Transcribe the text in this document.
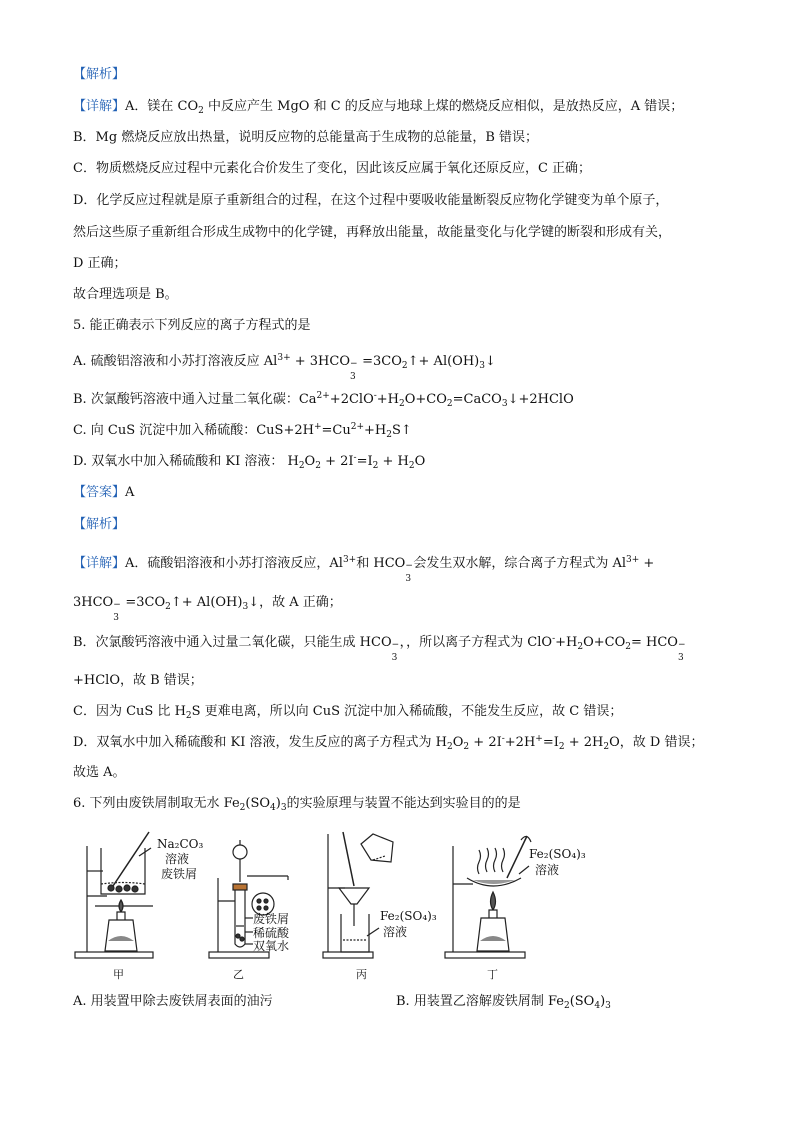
【解析】
【详解】A．镁在 $CO_2$ 中反应产生 MgO 和 C 的反应与地球上煤的燃烧反应相似，是放热反应，A 错误；
B．Mg 燃烧反应放出热量，说明反应物的总能量高于生成物的总能量，B 错误；
C．物质燃烧反应过程中元素化合价发生了变化，因此该反应属于氧化还原反应，C 正确；
D．化学反应过程就是原子重新组合的过程，在这个过程中要吸收能量断裂反应物化学键变为单个原子，
然后这些原子重新组合形成生成物中的化学键，再释放出能量，故能量变化与化学键的断裂和形成有关，
D 正确；
故合理选项是 B。
5. 能正确表示下列反应的离子方程式的是
A. 硫酸铝溶液和小苏打溶液反应 $Al^{3+} + 3HCO$ −
3
$=3CO_2↑+$ $Al(OH)_3↓$
B. 次氯酸钙溶液中通入过量二氧化碳：$Ca^{2+}+2ClO^-+H_2O+CO_2=CaCO_3↓+2HClO$
C. 向 CuS 沉淀中加入稀硫酸：$CuS+2H^+=Cu^{2+}+H_2S↑$
D. 双氧水中加入稀硫酸和 KI 溶液： $H_2O_2 + 2I^-=I_2 + H_2O$
【答案】A
【解析】
【详解】A．硫酸铝溶液和小苏打溶液反应，$Al^{3+}$和 HCO −
3
会发生双水解，综合离子方程式为 $Al^{3+}$ +
3HCO −
3
$=3CO_2↑+$ $Al(OH)_3↓$，故 A 正确；
B．次氯酸钙溶液中通入过量二氧化碳，只能生成 HCO −
3
，，所以离子方程式为 $ClO^-+H_2O+CO_2=$ HCO −
3
+HClO，故 B 错误；
C．因为 CuS 比 $H_2S$ 更难电离，所以向 CuS 沉淀中加入稀硫酸，不能发生反应，故 C 错误；
D．双氧水中加入稀硫酸和 KI 溶液，发生反应的离子方程式为 $H_2O_2 + 2I^-+2H^+=I_2 + 2H_2O$，故 D 错误；
故选 A。
6. 下列由废铁屑制取无水 $Fe_2(SO_4)_3$的实验原理与装置不能达到实验目的的是
Na₂CO₃
溶液
废铁屑
甲
废铁屑
稀硫酸
双氧水
乙
Fe₂(SO₄)₃
溶液
丙
Fe₂(SO₄)₃
溶液
丁
A. 用装置甲除去废铁屑表面的油污	B. 用装置乙溶解废铁屑制 $Fe_2(SO_4)_3$
